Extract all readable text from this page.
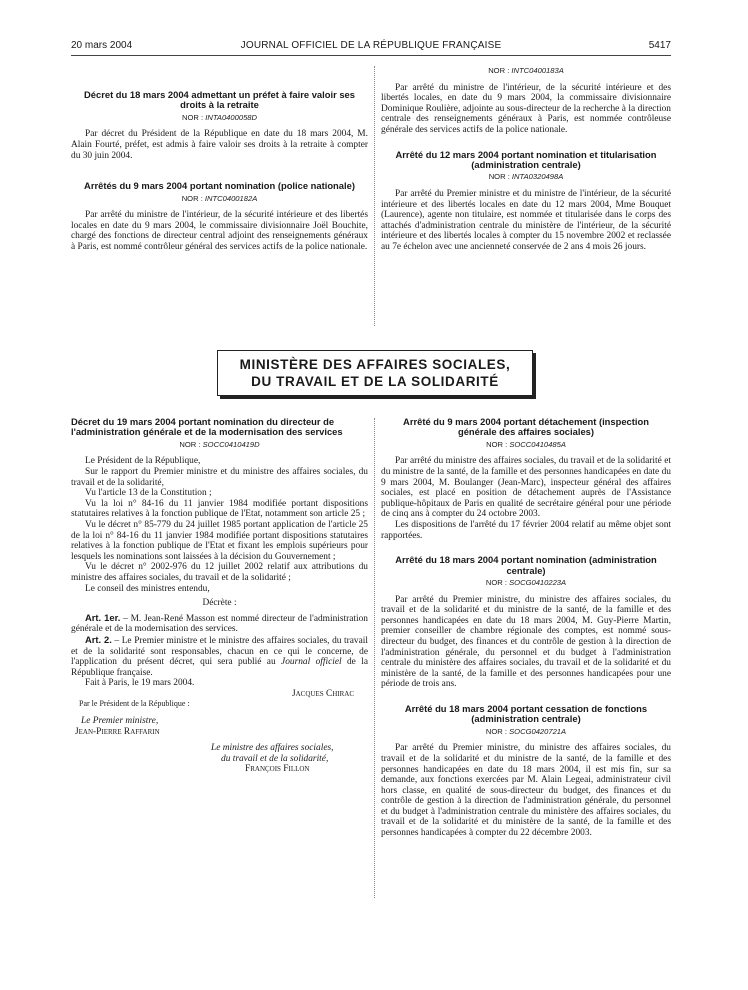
20 mars 2004	JOURNAL OFFICIEL DE LA RÉPUBLIQUE FRANÇAISE	5417

Décret du 18 mars 2004 admettant un préfet à faire valoir ses droits à la retraite

NOR : INTA0400058D

Par décret du Président de la République en date du 18 mars 2004, M. Alain Fourté, préfet, est admis à faire valoir ses droits à la retraite à compter du 30 juin 2004.

Arrêtés du 9 mars 2004 portant nomination (police nationale)

NOR : INTC0400182A

Par arrêté du ministre de l'intérieur, de la sécurité intérieure et des libertés locales en date du 9 mars 2004, le commissaire divisionnaire Joël Bouchite, chargé des fonctions de directeur central adjoint des renseignements généraux à Paris, est nommé contrôleur général des services actifs de la police nationale.

NOR : INTC0400183A

Par arrêté du ministre de l'intérieur, de la sécurité intérieure et des libertés locales, en date du 9 mars 2004, la commissaire divisionnaire Dominique Roulière, adjointe au sous-directeur de la recherche à la direction centrale des renseignements généraux à Paris, est nommée contrôleuse générale des services actifs de la police nationale.

Arrêté du 12 mars 2004 portant nomination et titularisation (administration centrale)

NOR : INTA0320498A

Par arrêté du Premier ministre et du ministre de l'intérieur, de la sécurité intérieure et des libertés locales en date du 12 mars 2004, Mme Bouquet (Laurence), agente non titulaire, est nommée et titularisée dans le corps des attachés d'administration centrale du ministère de l'intérieur, de la sécurité intérieure et des libertés locales à compter du 15 novembre 2002 et reclassée au 7e échelon avec une ancienneté conservée de 2 ans 4 mois 26 jours.

MINISTÈRE DES AFFAIRES SOCIALES,
DU TRAVAIL ET DE LA SOLIDARITÉ

Décret du 19 mars 2004 portant nomination du directeur de l'administration générale et de la modernisation des services

NOR : SOCC0410419D

Le Président de la République,

Sur le rapport du Premier ministre et du ministre des affaires sociales, du travail et de la solidarité,

Vu l'article 13 de la Constitution ;

Vu la loi n° 84-16 du 11 janvier 1984 modifiée portant dispositions statutaires relatives à la fonction publique de l'Etat, notamment son article 25 ;

Vu le décret n° 85-779 du 24 juillet 1985 portant application de l'article 25 de la loi n° 84-16 du 11 janvier 1984 modifiée portant dispositions statutaires relatives à la fonction publique de l'Etat et fixant les emplois supérieurs pour lesquels les nominations sont laissées à la décision du Gouvernement ;

Vu le décret n° 2002-976 du 12 juillet 2002 relatif aux attributions du ministre des affaires sociales, du travail et de la solidarité ;

Le conseil des ministres entendu,

Décrète :

Art. 1er. – M. Jean-René Masson est nommé directeur de l'administration générale et de la modernisation des services.

Art. 2. – Le Premier ministre et le ministre des affaires sociales, du travail et de la solidarité sont responsables, chacun en ce qui le concerne, de l'application du présent décret, qui sera publié au Journal officiel de la République française.

Fait à Paris, le 19 mars 2004.

Jacques Chirac

Par le Président de la République :

Le Premier ministre,

Jean-Pierre Raffarin

Le ministre des affaires sociales,

du travail et de la solidarité,

François Fillon

Arrêté du 9 mars 2004 portant détachement (inspection générale des affaires sociales)

NOR : SOCC0410485A

Par arrêté du ministre des affaires sociales, du travail et de la solidarité et du ministre de la santé, de la famille et des personnes handicapées en date du 9 mars 2004, M. Boulanger (Jean-Marc), inspecteur général des affaires sociales, est placé en position de détachement auprès de l'Assistance publique-hôpitaux de Paris en qualité de secrétaire général pour une période de cinq ans à compter du 24 octobre 2003.

Les dispositions de l'arrêté du 17 février 2004 relatif au même objet sont rapportées.

Arrêté du 18 mars 2004 portant nomination (administration centrale)

NOR : SOCG0410223A

Par arrêté du Premier ministre, du ministre des affaires sociales, du travail et de la solidarité et du ministre de la santé, de la famille et des personnes handicapées en date du 18 mars 2004, M. Guy-Pierre Martin, premier conseiller de chambre régionale des comptes, est nommé sous-directeur du budget, des finances et du contrôle de gestion à la direction de l'administration générale, du personnel et du budget à l'administration centrale du ministère des affaires sociales, du travail et de la solidarité et du ministère de la santé, de la famille et des personnes handicapées pour une période de trois ans.

Arrêté du 18 mars 2004 portant cessation de fonctions (administration centrale)

NOR : SOCG0420721A

Par arrêté du Premier ministre, du ministre des affaires sociales, du travail et de la solidarité et du ministre de la santé, de la famille et des personnes handicapées en date du 18 mars 2004, il est mis fin, sur sa demande, aux fonctions exercées par M. Alain Legeai, administrateur civil hors classe, en qualité de sous-directeur du budget, des finances et du contrôle de gestion à la direction de l'administration générale, du personnel et du budget à l'administration centrale du ministère des affaires sociales, du travail et de la solidarité et du ministère de la santé, de la famille et des personnes handicapées à compter du 22 décembre 2003.
